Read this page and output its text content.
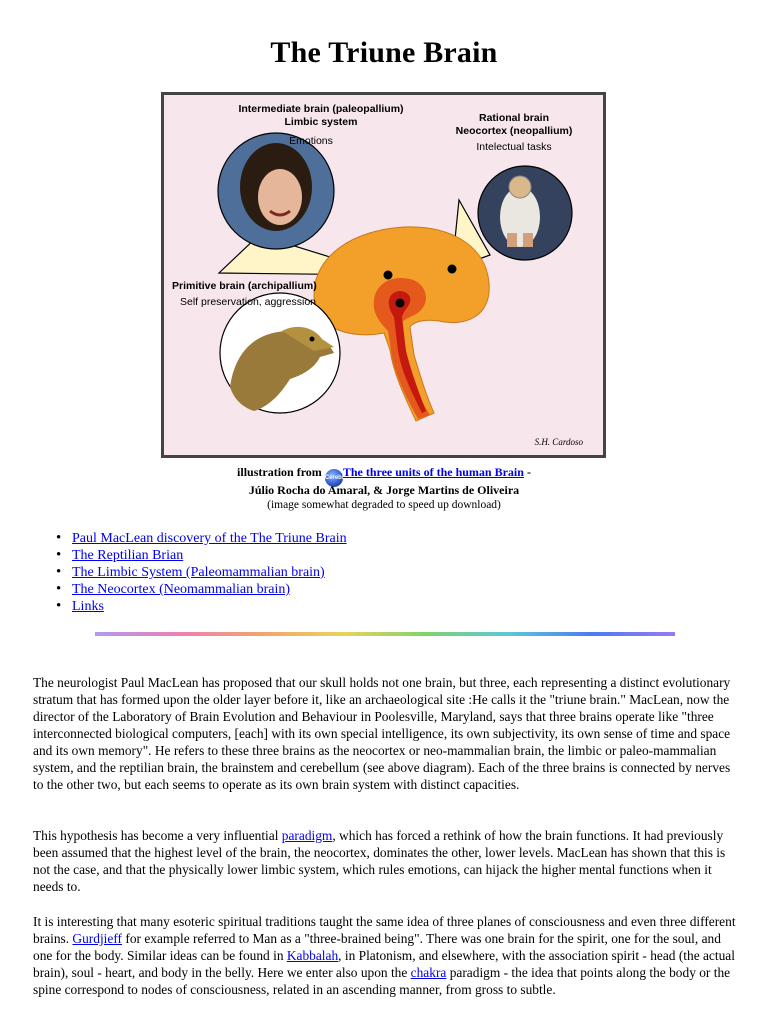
The Triune Brain
Intermediate brain (paleopallium)
Limbic system
Emotions
Rational brain
Neocortex (neopallium)
Intelectual tasks
Primitive brain (archipallium)
Self preservation, aggression
S.H. Cardoso
illustration from CérebroThe three units of the human Brain -
Júlio Rocha do Amaral, & Jorge Martins de Oliveira
(image somewhat degraded to speed up download)
• Paul MacLean discovery of the The Triune Brain
• The Reptilian Brian
• The Limbic System (Paleomammalian brain)
• The Neocortex (Neomammalian brain)
• Links

The neurologist Paul MacLean has proposed that our skull holds not one brain, but three, each representing a distinct evolutionary stratum that has formed upon the older layer before it, like an archaeological site :He calls it the "triune brain." MacLean, now the director of the Laboratory of Brain Evolution and Behaviour in Poolesville, Maryland, says that three brains operate like "three interconnected biological computers, [each] with its own special intelligence, its own subjectivity, its own sense of time and space and its own memory". He refers to these three brains as the neocortex or neo-mammalian brain, the limbic or paleo-mammalian system, and the reptilian brain, the brainstem and cerebellum (see above diagram). Each of the three brains is connected by nerves to the other two, but each seems to operate as its own brain system with distinct capacities.

This hypothesis has become a very influential paradigm, which has forced a rethink of how the brain functions. It had previously been assumed that the highest level of the brain, the neocortex, dominates the other, lower levels. MacLean has shown that this is not the case, and that the physically lower limbic system, which rules emotions, can hijack the higher mental functions when it needs to.

It is interesting that many esoteric spiritual traditions taught the same idea of three planes of consciousness and even three different brains. Gurdjieff for example referred to Man as a "three-brained being". There was one brain for the spirit, one for the soul, and one for the body. Similar ideas can be found in Kabbalah, in Platonism, and elsewhere, with the association spirit - head (the actual brain), soul - heart, and body in the belly. Here we enter also upon the chakra paradigm - the idea that points along the body or the spine correspond to nodes of consciousness, related in an ascending manner, from gross to subtle.
